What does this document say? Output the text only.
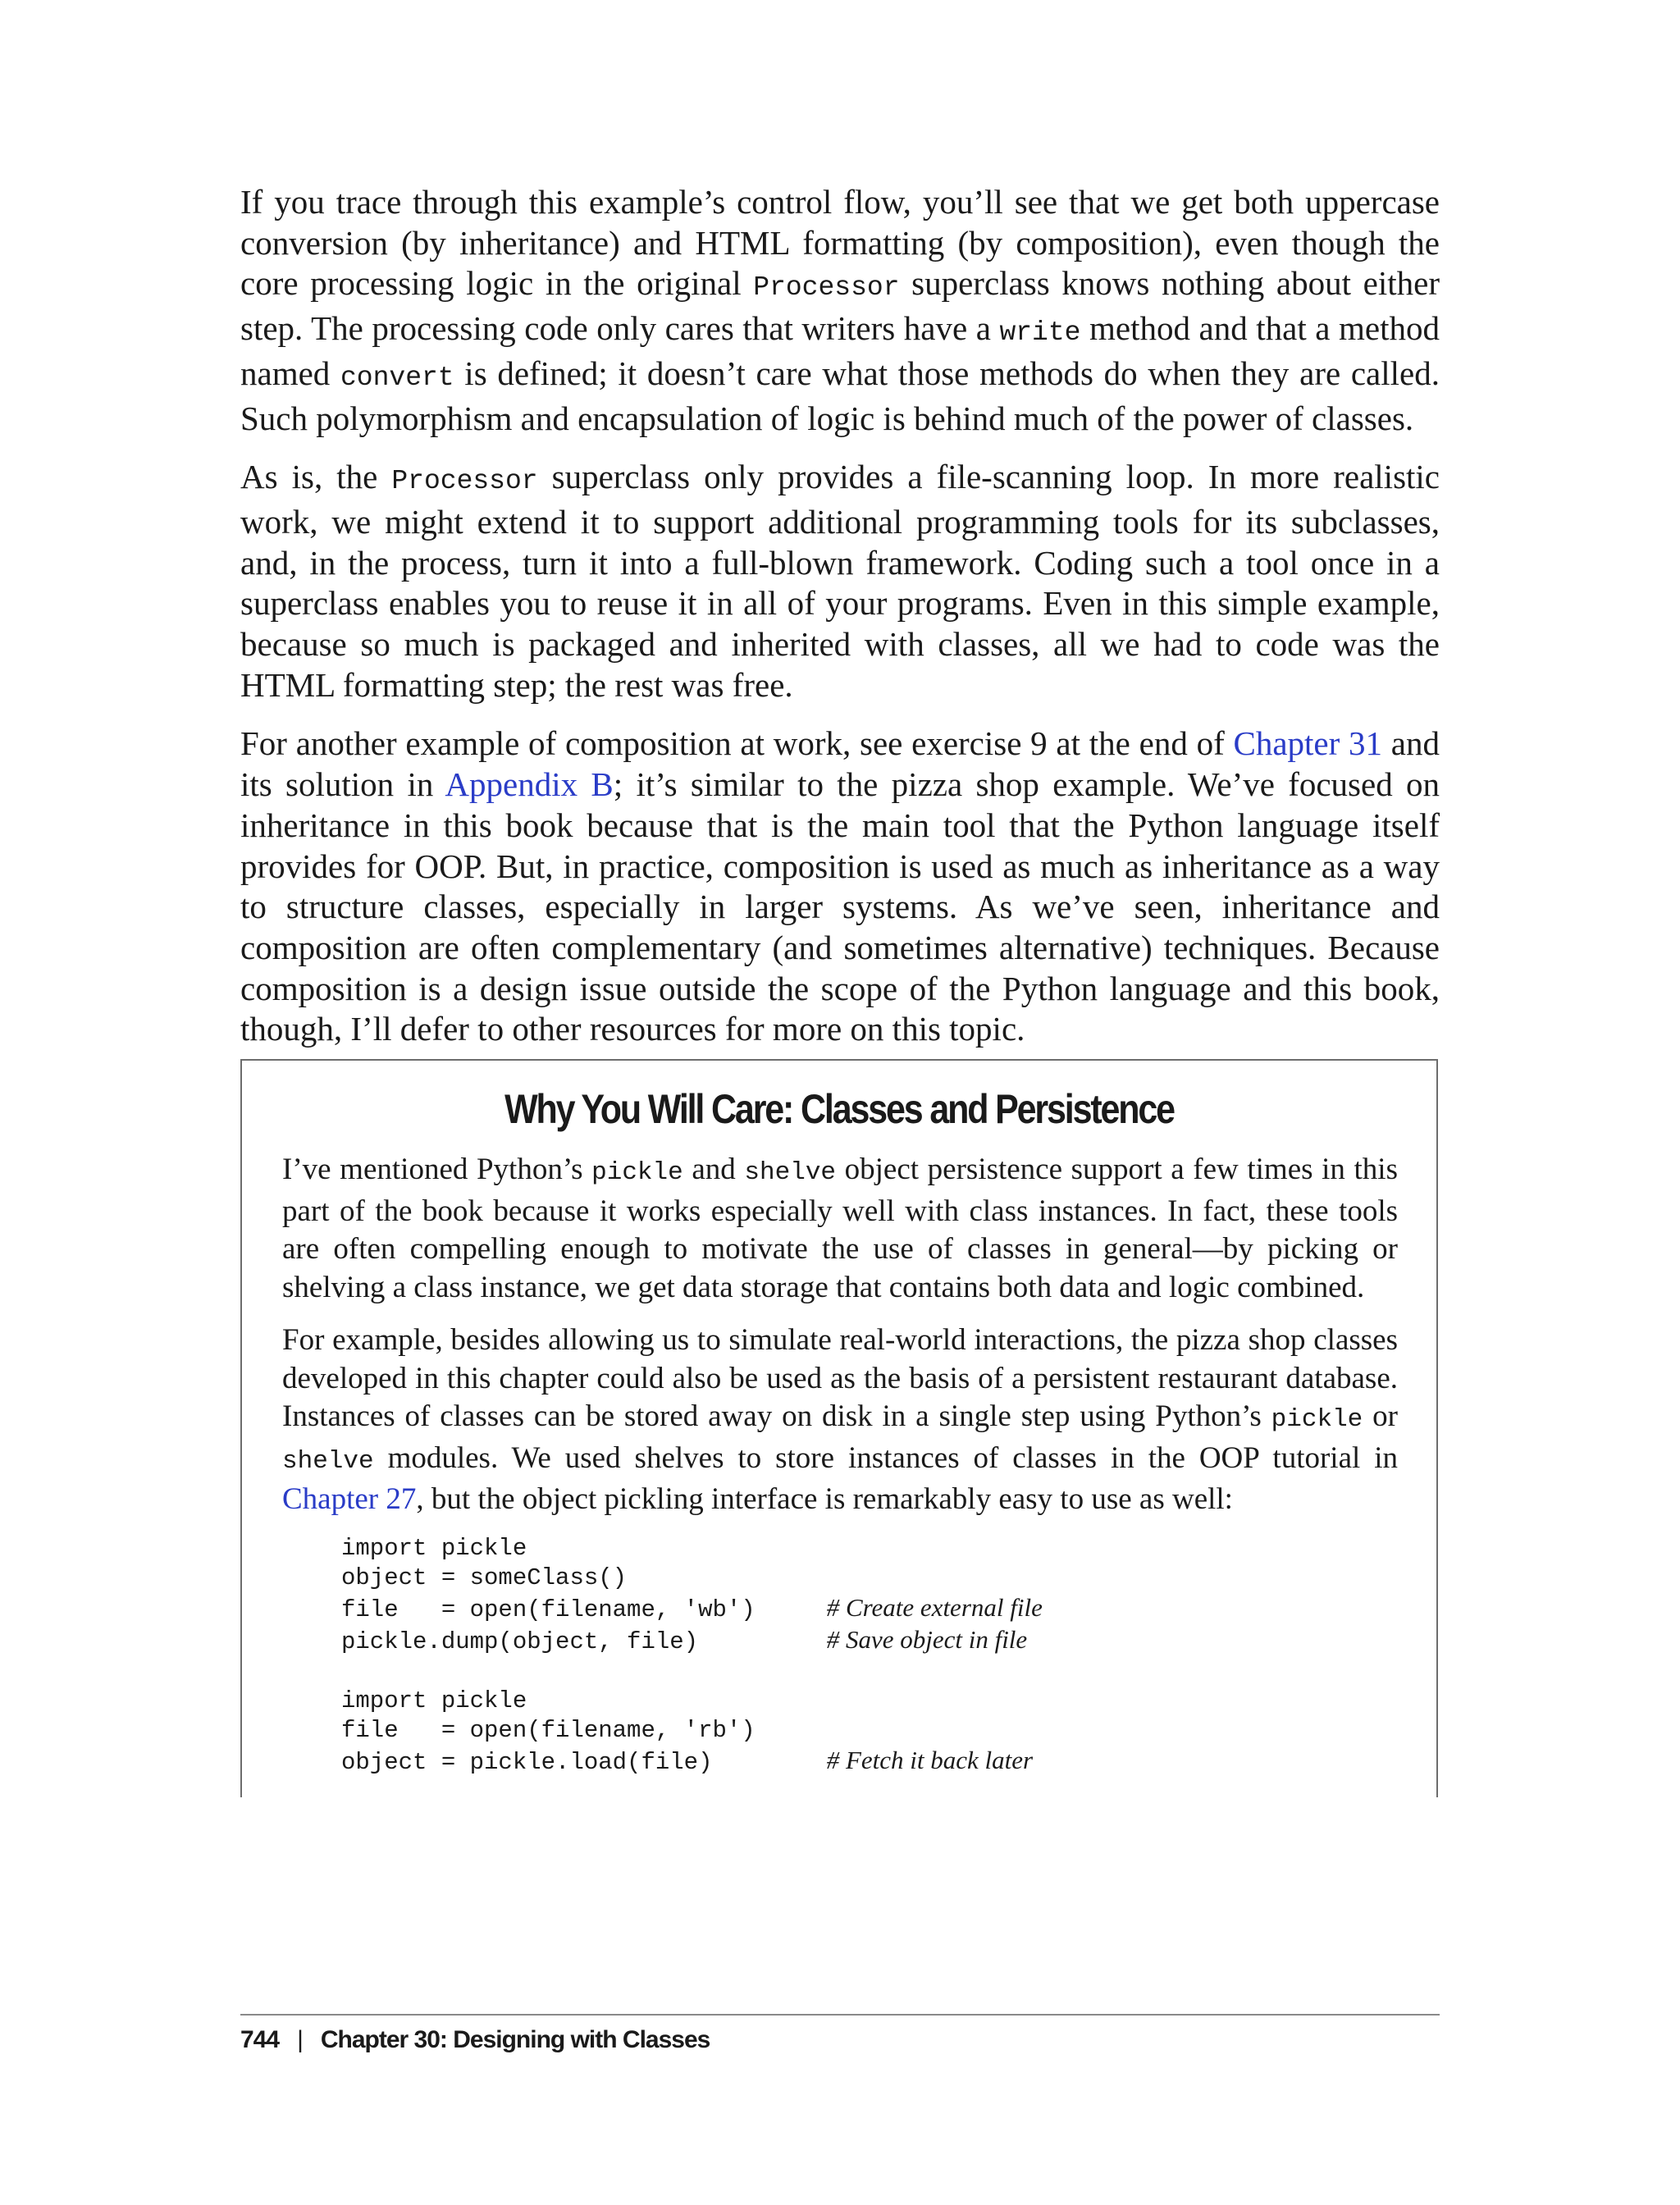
If you trace through this example’s control flow, you’ll see that we get both uppercase conversion (by inheritance) and HTML formatting (by composition), even though the core processing logic in the original Processor superclass knows nothing about either step. The processing code only cares that writers have a write method and that a method named convert is defined; it doesn’t care what those methods do when they are called. Such polymorphism and encapsulation of logic is behind much of the power of classes.

As is, the Processor superclass only provides a file-scanning loop. In more realistic work, we might extend it to support additional programming tools for its subclasses, and, in the process, turn it into a full-blown framework. Coding such a tool once in a superclass enables you to reuse it in all of your programs. Even in this simple example, because so much is packaged and inherited with classes, all we had to code was the HTML formatting step; the rest was free.

For another example of composition at work, see exercise 9 at the end of Chapter 31 and its solution in Appendix B; it’s similar to the pizza shop example. We’ve focused on inheritance in this book because that is the main tool that the Python language itself provides for OOP. But, in practice, composition is used as much as inheritance as a way to structure classes, especially in larger systems. As we’ve seen, inheritance and composition are often complementary (and sometimes alternative) techniques. Because composition is a design issue outside the scope of the Python language and this book, though, I’ll defer to other resources for more on this topic.

Why You Will Care: Classes and Persistence

I’ve mentioned Python’s pickle and shelve object persistence support a few times in this part of the book because it works especially well with class instances. In fact, these tools are often compelling enough to motivate the use of classes in general—by picking or shelving a class instance, we get data storage that contains both data and logic combined.

For example, besides allowing us to simulate real-world interactions, the pizza shop classes developed in this chapter could also be used as the basis of a persistent restaurant database. Instances of classes can be stored away on disk in a single step using Python’s pickle or shelve modules. We used shelves to store instances of classes in the OOP tutorial in Chapter 27, but the object pickling interface is remarkably easy to use as well:

import pickle
object = someClass()
file   = open(filename, 'wb')     # Create external file
pickle.dump(object, file)         # Save object in file
import pickle
file   = open(filename, 'rb')
object = pickle.load(file)        # Fetch it back later
744 | Chapter 30: Designing with Classes
